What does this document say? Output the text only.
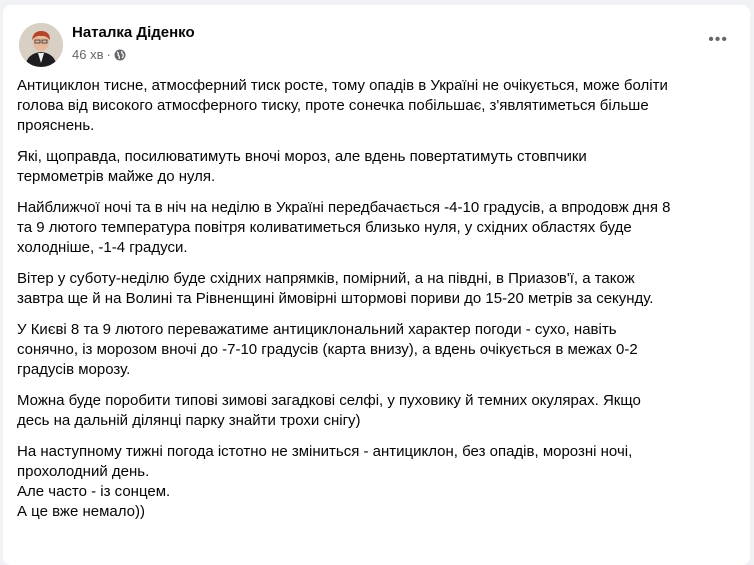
Наталка Діденко
46 хв ·
•••
Антициклон тисне, атмосферний тиск росте, тому опадів в Україні не очікується, може боліти
голова від високого атмосферного тиску, проте сонечка побільшає, з'являтиметься більше
прояснень.
Які, щоправда, посилюватимуть вночі мороз, але вдень повертатимуть стовпчики
термометрів майже до нуля.
Найближчої ночі та в ніч на неділю в Україні передбачається -4-10 градусів, а впродовж дня 8
та 9 лютого температура повітря коливатиметься близько нуля, у східних областях буде
холодніше, -1-4 градуси.
Вітер у суботу-неділю буде східних напрямків, помірний, а на півдні, в Приазов'ї, а також
завтра ще й на Волині та Рівненщині ймовірні штормові пориви до 15-20 метрів за секунду.
У Києві 8 та 9 лютого переважатиме антициклональний характер погоди - сухо, навіть
сонячно, із морозом вночі до -7-10 градусів (карта внизу), а вдень очікується в межах 0-2
градусів морозу.
Можна буде поробити типові зимові загадкові селфі, у пуховику й темних окулярах. Якщо
десь на дальній ділянці парку знайти трохи снігу)
На наступному тижні погода істотно не зміниться - антициклон, без опадів, морозні ночі,
прохолодний день.
Але часто - із сонцем.
А це вже немало))
